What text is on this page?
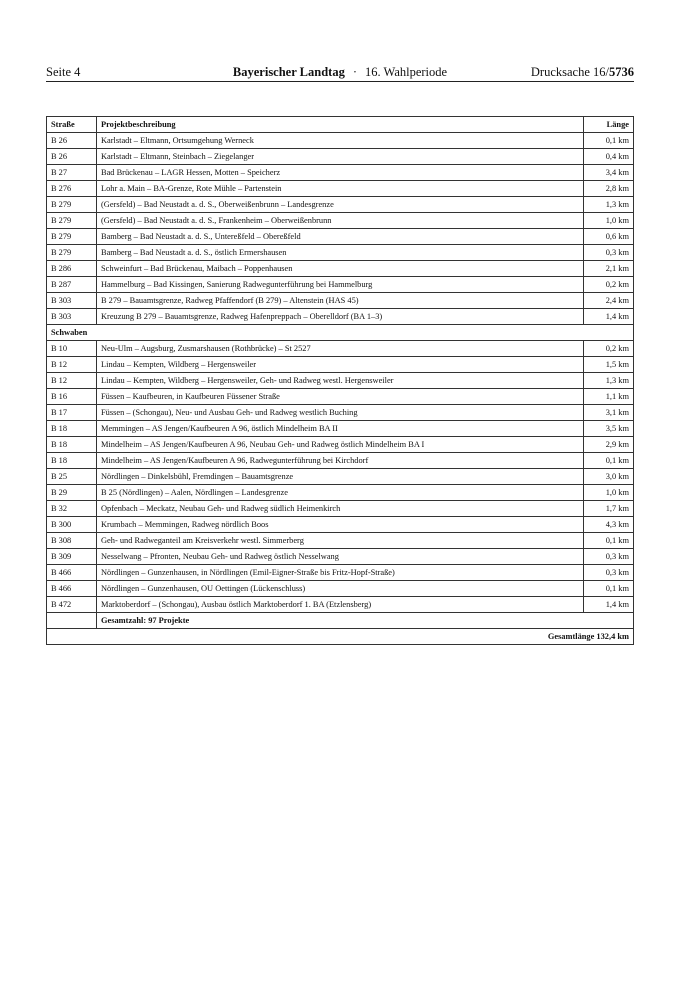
Seite 4	Bayerischer Landtag · 16. Wahlperiode	Drucksache 16/5736
Straße	Projektbeschreibung	Länge
B 26	Karlstadt – Eltmann, Ortsumgehung Werneck	0,1 km
B 26	Karlstadt – Eltmann, Steinbach – Ziegelanger	0,4 km
B 27	Bad Brückenau – LAGR Hessen, Motten – Speicherz	3,4 km
B 276	Lohr a. Main – BA-Grenze, Rote Mühle – Partenstein	2,8 km
B 279	(Gersfeld) – Bad Neustadt a. d. S., Oberweißenbrunn – Landesgrenze	1,3 km
B 279	(Gersfeld) – Bad Neustadt a. d. S., Frankenheim – Oberweißenbrunn	1,0 km
B 279	Bamberg – Bad Neustadt a. d. S., Untereßfeld – Obereßfeld	0,6 km
B 279	Bamberg – Bad Neustadt a. d. S., östlich Ermershausen	0,3 km
B 286	Schweinfurt – Bad Brückenau, Maibach – Poppenhausen	2,1 km
B 287	Hammelburg – Bad Kissingen, Sanierung Radwegunterführung bei Hammelburg	0,2 km
B 303	B 279 – Bauamtsgrenze, Radweg Pfaffendorf (B 279) – Altenstein (HAS 45)	2,4 km
B 303	Kreuzung B 279 – Bauamtsgrenze, Radweg Hafenpreppach – Oberelldorf (BA 1–3)	1,4 km
Schwaben		
B 10	Neu-Ulm – Augsburg, Zusmarshausen (Rothbrücke) – St 2527	0,2 km
B 12	Lindau – Kempten, Wildberg – Hergensweiler	1,5 km
B 12	Lindau – Kempten, Wildberg – Hergensweiler, Geh- und Radweg westl. Hergensweiler	1,3 km
B 16	Füssen – Kaufbeuren, in Kaufbeuren Füssener Straße	1,1 km
B 17	Füssen – (Schongau), Neu- und Ausbau Geh- und Radweg westlich Buching	3,1 km
B 18	Memmingen – AS Jengen/Kaufbeuren A 96, östlich Mindelheim BA II	3,5 km
B 18	Mindelheim – AS Jengen/Kaufbeuren A 96, Neubau Geh- und Radweg östlich Mindelheim BA I	2,9 km
B 18	Mindelheim – AS Jengen/Kaufbeuren A 96, Radwegunterführung bei Kirchdorf	0,1 km
B 25	Nördlingen – Dinkelsbühl, Fremdingen – Bauamtsgrenze	3,0 km
B 29	B 25 (Nördlingen) – Aalen, Nördlingen – Landesgrenze	1,0 km
B 32	Opfenbach – Meckatz, Neubau Geh- und Radweg südlich Heimenkirch	1,7 km
B 300	Krumbach – Memmingen, Radweg nördlich Boos	4,3 km
B 308	Geh- und Radweganteil am Kreisverkehr westl. Simmerberg	0,1 km
B 309	Nesselwang – Pfronten, Neubau Geh- und Radweg östlich Nesselwang	0,3 km
B 466	Nördlingen – Gunzenhausen, in Nördlingen (Emil-Eigner-Straße bis Fritz-Hopf-Straße)	0,3 km
B 466	Nördlingen – Gunzenhausen, OU Oettingen (Lückenschluss)	0,1 km
B 472	Marktoberdorf – (Schongau), Ausbau östlich Marktoberdorf 1. BA (Etzlensberg)	1,4 km
	Gesamtzahl: 97 Projekte	
Gesamtlänge 132,4 km		
